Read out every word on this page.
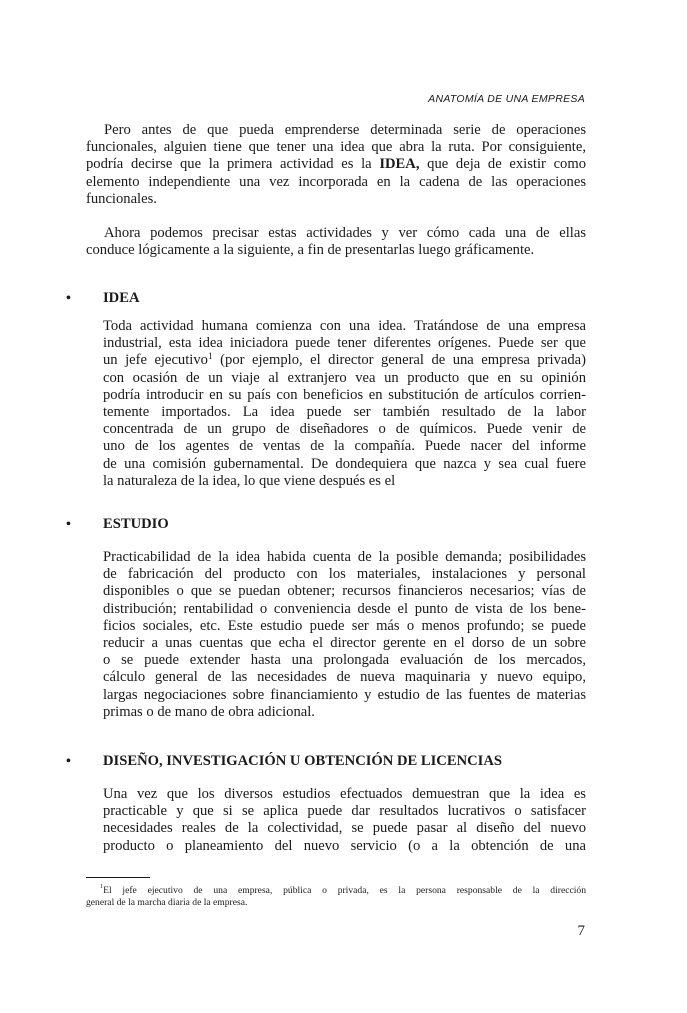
ANATOMÍA DE UNA EMPRESA
Pero antes de que pueda emprenderse determinada serie de operaciones
funcionales, alguien tiene que tener una idea que abra la ruta. Por consiguiente,
podría decirse que la primera actividad es la IDEA, que deja de existir como
elemento independiente una vez incorporada en la cadena de las operaciones
funcionales.
Ahora podemos precisar estas actividades y ver cómo cada una de ellas
conduce lógicamente a la siguiente, a fin de presentarlas luego gráficamente.
• IDEA
Toda actividad humana comienza con una idea. Tratándose de una empresa
industrial, esta idea iniciadora puede tener diferentes orígenes. Puede ser que
un jefe ejecutivo$^1$ (por ejemplo, el director general de una empresa privada)
con ocasión de un viaje al extranjero vea un producto que en su opinión
podría introducir en su país con beneficios en substitución de artículos corrien-
temente importados. La idea puede ser también resultado de la labor
concentrada de un grupo de diseñadores o de químicos. Puede venir de
uno de los agentes de ventas de la compañía. Puede nacer del informe
de una comisión gubernamental. De dondequiera que nazca y sea cual fuere
la naturaleza de la idea, lo que viene después es el
• ESTUDIO
Practicabilidad de la idea habida cuenta de la posible demanda; posibilidades
de fabricación del producto con los materiales, instalaciones y personal
disponibles o que se puedan obtener; recursos financieros necesarios; vías de
distribución; rentabilidad o conveniencia desde el punto de vista de los bene-
ficios sociales, etc. Este estudio puede ser más o menos profundo; se puede
reducir a unas cuentas que echa el director gerente en el dorso de un sobre
o se puede extender hasta una prolongada evaluación de los mercados,
cálculo general de las necesidades de nueva maquinaria y nuevo equipo,
largas negociaciones sobre financiamiento y estudio de las fuentes de materias
primas o de mano de obra adicional.
• DISEÑO, INVESTIGACIÓN U OBTENCIÓN DE LICENCIAS
Una vez que los diversos estudios efectuados demuestran que la idea es
practicable y que si se aplica puede dar resultados lucrativos o satisfacer
necesidades reales de la colectividad, se puede pasar al diseño del nuevo
producto o planeamiento del nuevo servicio (o a la obtención de una
$^1$El jefe ejecutivo de una empresa, pública o privada, es la persona responsable de la dirección
general de la marcha diaria de la empresa.
7
